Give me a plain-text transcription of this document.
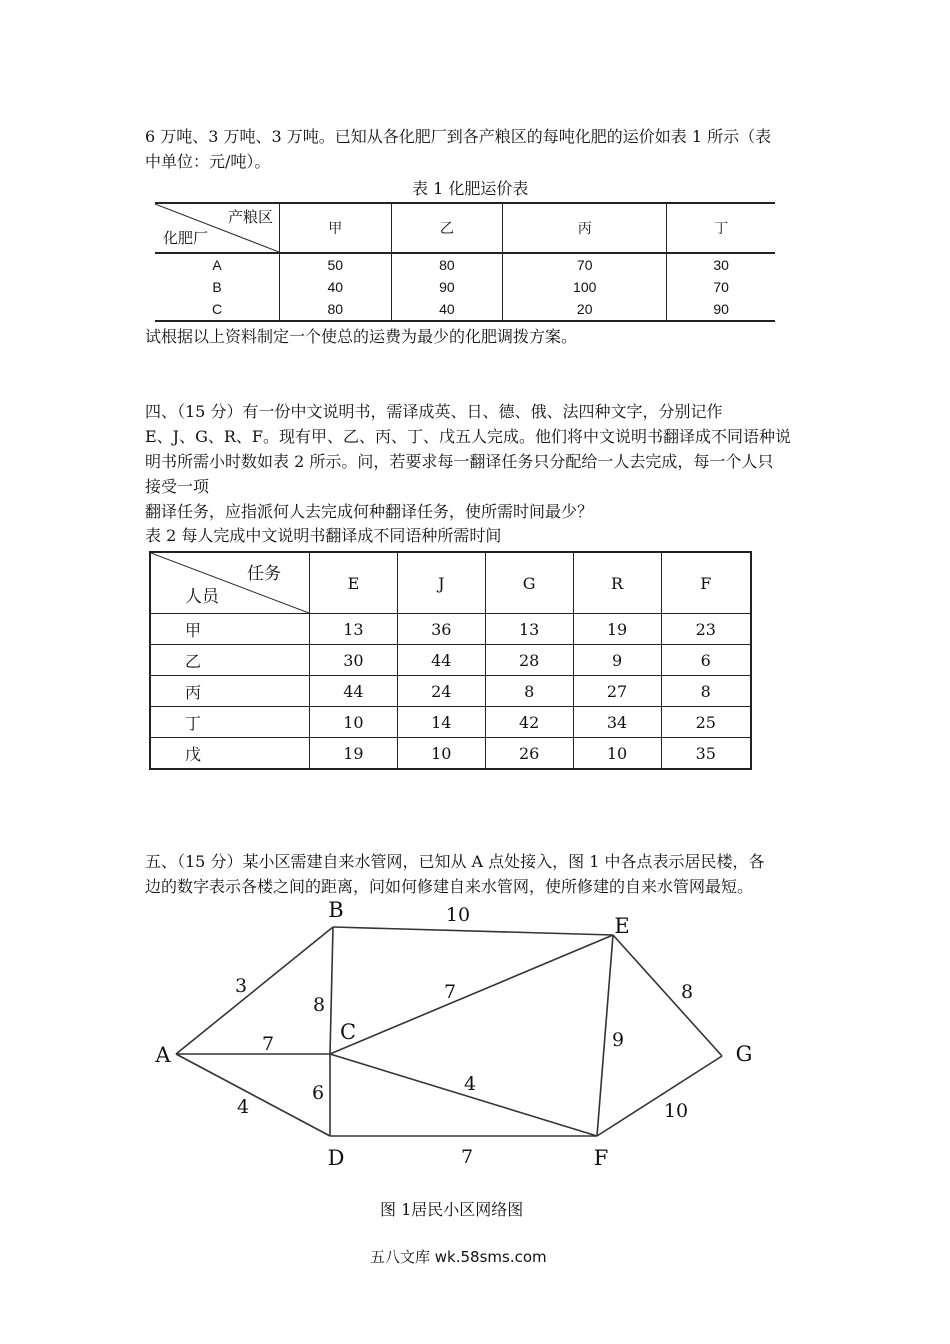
6 万吨、3 万吨、3 万吨。已知从各化肥厂到各产粮区的每吨化肥的运价如表 1 所示（表
中单位：元/吨）。
表 1 化肥运价表
产粮区
化肥厂	甲	乙	丙	丁
A	50	80	70	30
B	40	90	100	70
C	80	40	20	90
试根据以上资料制定一个使总的运费为最少的化肥调拨方案。
四、（15 分）有一份中文说明书，需译成英、日、德、俄、法四种文字，分别记作
E、J、G、R、F。现有甲、乙、丙、丁、戊五人完成。他们将中文说明书翻译成不同语种说
明书所需小时数如表 2 所示。问，若要求每一翻译任务只分配给一人去完成，每一个人只
接受一项
翻译任务，应指派何人去完成何种翻译任务，使所需时间最少？
表 2 每人完成中文说明书翻译成不同语种所需时间
任务
人员	E	J	G	R	F
甲	13	36	13	19	23
乙	30	44	28	9	6
丙	44	24	8	27	8
丁	10	14	42	34	25
戊	19	10	26	10	35
五、（15 分）某小区需建自来水管网，已知从 A 点处接入，图 1 中各点表示居民楼，各
边的数字表示各楼之间的距离，问如何修建自来水管网，使所修建的自来水管网最短。
3
7
4
8
10
7
6	4
7
9
8
10
A
B
C
D
E
F
G
图 1居民小区网络图
五八文库 wk.58sms.com
